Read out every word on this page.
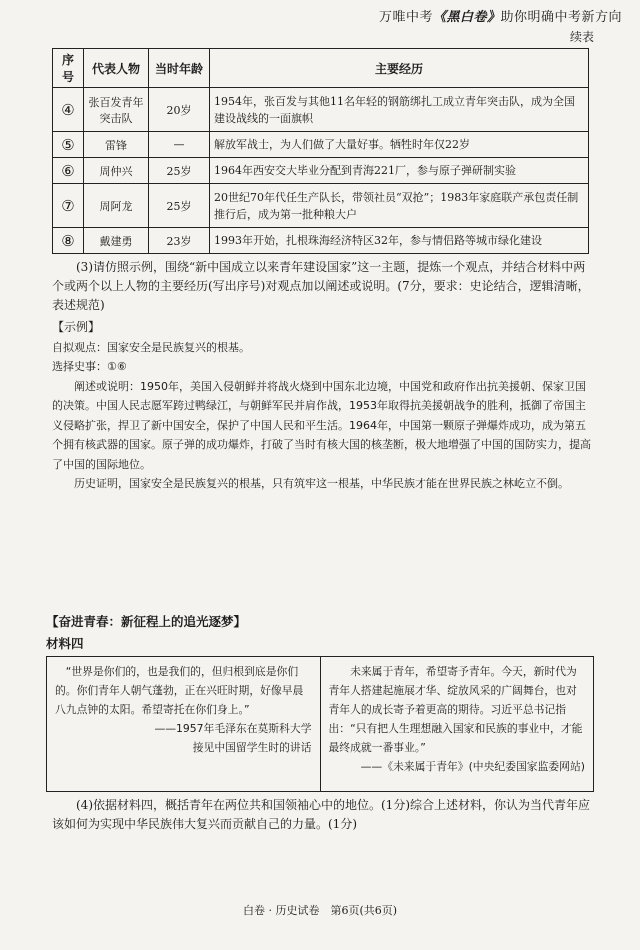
万唯中考《黑白卷》助你明确中考新方向
续表
序号	代表人物	当时年龄	主要经历
④	张百发青年突击队	20岁	1954年，张百发与其他11名年轻的钢筋绑扎工成立青年突击队，成为全国建设战线的一面旗帜
⑤	雷锋	—	解放军战士，为人们做了大量好事。牺牲时年仅22岁
⑥	周仲兴	25岁	1964年西安交大毕业分配到青海221厂，参与原子弹研制实验
⑦	周阿龙	25岁	20世纪70年代任生产队长，带领社员“双抢”；1983年家庭联产承包责任制推行后，成为第一批种粮大户
⑧	戴建勇	23岁	1993年开始，扎根珠海经济特区32年，参与情侣路等城市绿化建设
(3)请仿照示例，围绕“新中国成立以来青年建设国家”这一主题，提炼一个观点，并结合材料中两个或两个以上人物的主要经历(写出序号)对观点加以阐述或说明。(7分，要求：史论结合，逻辑清晰，表述规范)

【示例】

自拟观点：国家安全是民族复兴的根基。

选择史事：①⑥

阐述或说明：1950年，美国入侵朝鲜并将战火烧到中国东北边境，中国党和政府作出抗美援朝、保家卫国的决策。中国人民志愿军跨过鸭绿江，与朝鲜军民并肩作战，1953年取得抗美援朝战争的胜利，抵御了帝国主义侵略扩张，捍卫了新中国安全，保护了中国人民和平生活。1964年，中国第一颗原子弹爆炸成功，成为第五个拥有核武器的国家。原子弹的成功爆炸，打破了当时有核大国的核垄断，极大地增强了中国的国防实力，提高了中国的国际地位。

历史证明，国家安全是民族复兴的根基，只有筑牢这一根基，中华民族才能在世界民族之林屹立不倒。

【奋进青春：新征程上的追光逐梦】
材料四
“世界是你们的，也是我们的，但归根到底是你们的。你们青年人朝气蓬勃，正在兴旺时期，好像早晨八九点钟的太阳。希望寄托在你们身上。”
——1957年毛泽东在莫斯科大学
接见中国留学生时的讲话
未来属于青年，希望寄予青年。今天，新时代为青年人搭建起施展才华、绽放风采的广阔舞台，也对青年人的成长寄予着更高的期待。习近平总书记指出：“只有把人生理想融入国家和民族的事业中，才能最终成就一番事业。”
——《未来属于青年》(中央纪委国家监委网站)
(4)依据材料四，概括青年在两位共和国领袖心中的地位。(1分)综合上述材料，你认为当代青年应该如何为实现中华民族伟大复兴而贡献自己的力量。(1分)
白卷 · 历史试卷　第6页(共6页)
